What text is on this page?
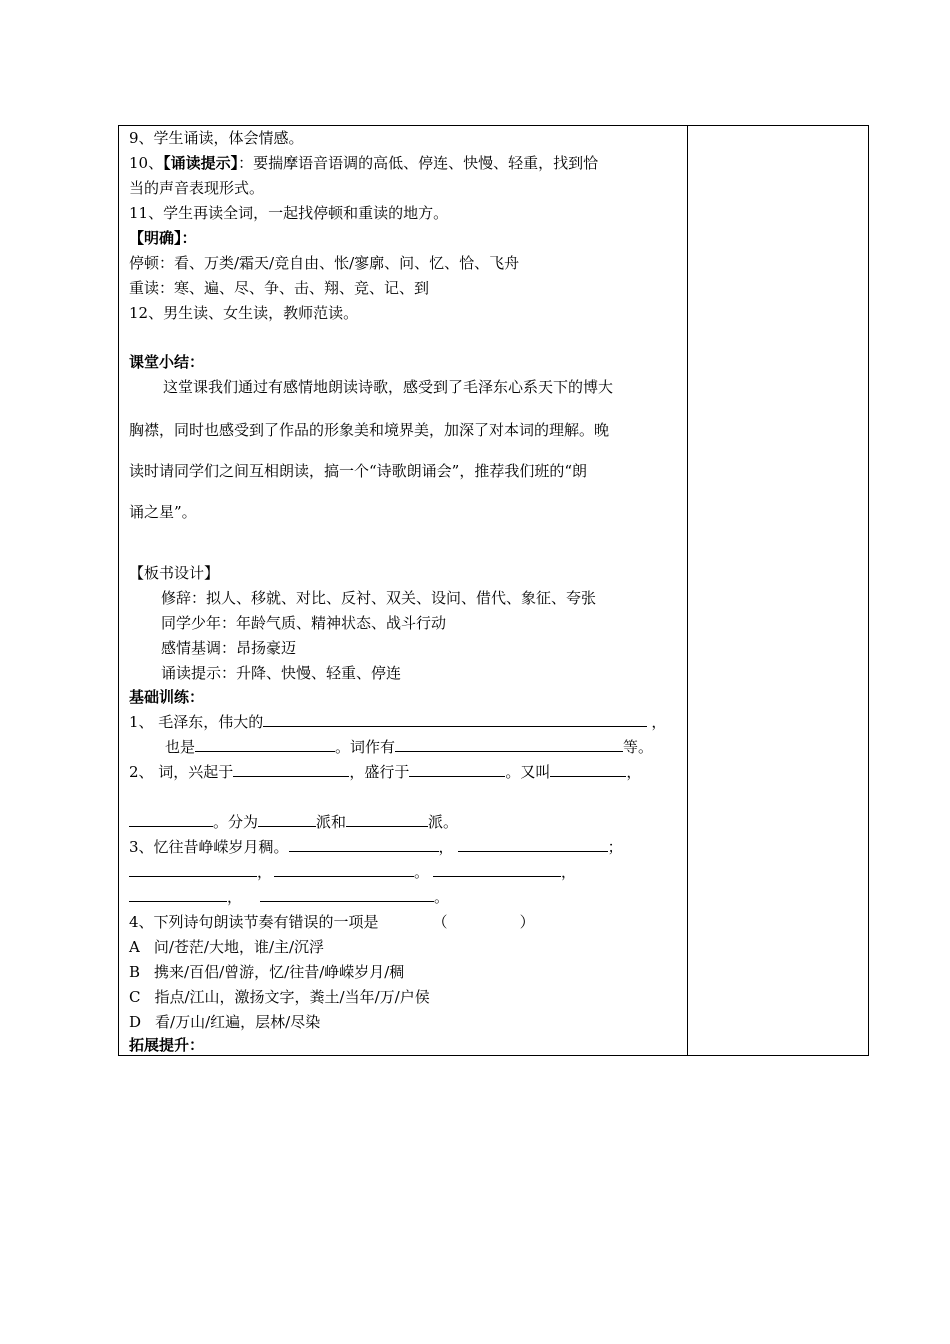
9、学生诵读，体会情感。
10、【诵读提示】：要揣摩语音语调的高低、停连、快慢、轻重，找到恰
当的声音表现形式。
11、学生再读全词，一起找停顿和重读的地方。
【明确】：
停顿：看、万类/霜天/竞自由、怅/寥廓、问、忆、恰、飞舟
重读：寒、遍、尽、争、击、翔、竞、记、到
12、男生读、女生读，教师范读。
课堂小结：
这堂课我们通过有感情地朗读诗歌，感受到了毛泽东心系天下的博大
胸襟，同时也感受到了作品的形象美和境界美，加深了对本词的理解。晚
读时请同学们之间互相朗读，搞一个“诗歌朗诵会”，推荐我们班的“朗
诵之星”。
【板书设计】
修辞：拟人、移就、对比、反衬、双关、设问、借代、象征、夸张
同学少年：年龄气质、精神状态、战斗行动
感情基调：昂扬豪迈
诵读提示：升降、快慢、轻重、停连
基础训练：
1、 毛泽东，伟大的	，
也是	。词作有	等。
2、 词，兴起于	，盛行于	。又叫	，
。分为	派和	派。
3、忆往昔峥嵘岁月稠。	，	；
，	。	，
，	。
4、下列诗句朗读节奏有错误的一项是	（	）
A 问/苍茫/大地，谁/主/沉浮
B 携来/百侣/曾游，忆/往昔/峥嵘岁月/稠
C 指点/江山，激扬文字，粪土/当年/万/户侯
D 看/万山/红遍，层林/尽染
拓展提升：
